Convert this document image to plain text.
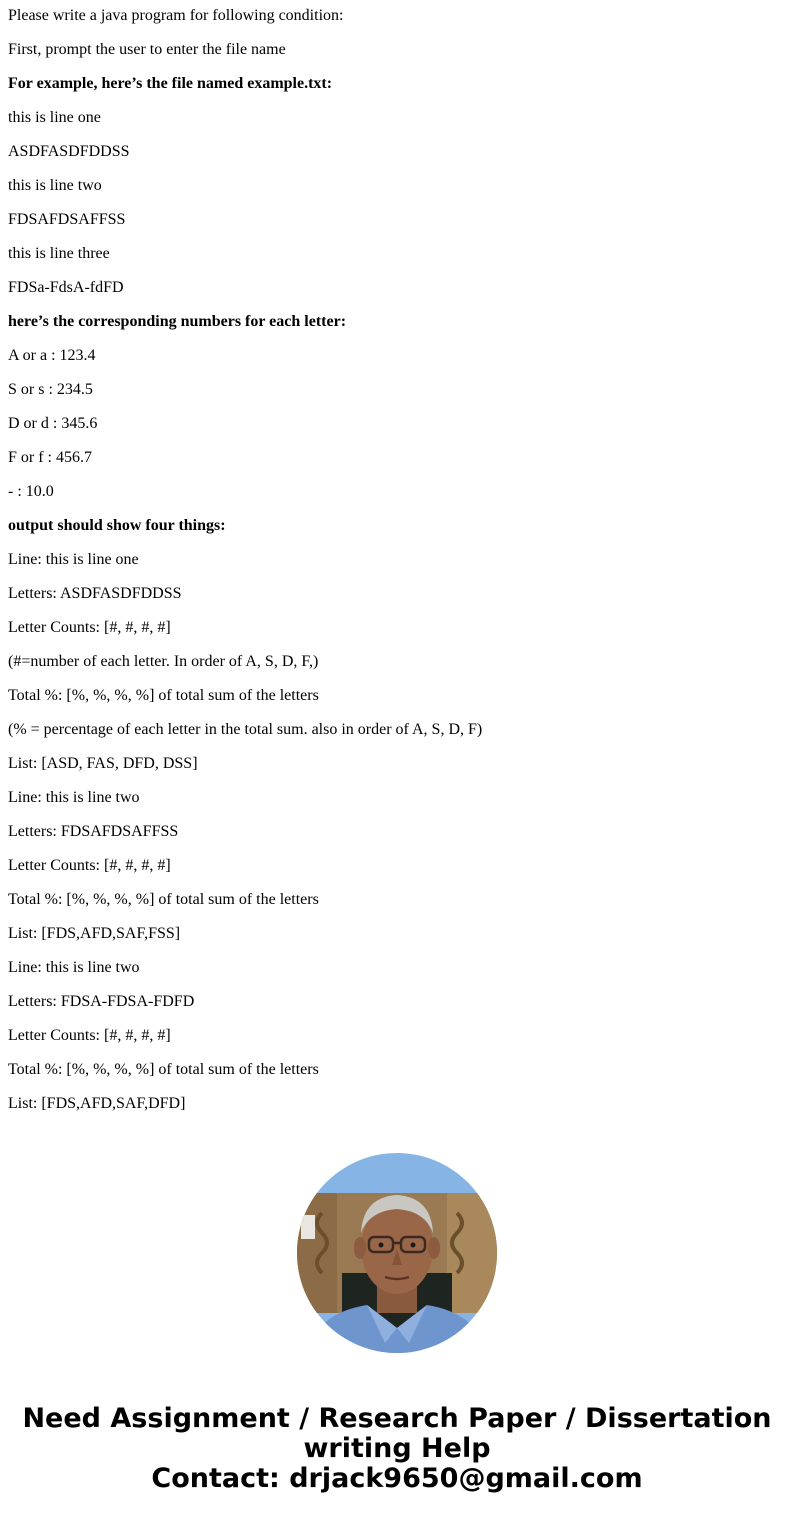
Please write a java program for following condition:

First, prompt the user to enter the file name

For example, here’s the file named example.txt:

this is line one

ASDFASDFDDSS

this is line two

FDSAFDSAFFSS

this is line three

FDSa-FdsA-fdFD

here’s the corresponding numbers for each letter:

A or a : 123.4

S or s : 234.5

D or d : 345.6

F or f : 456.7

- : 10.0

output should show four things:

Line: this is line one

Letters: ASDFASDFDDSS

Letter Counts: [#, #, #, #]

(#=number of each letter. In order of A, S, D, F,)

Total %: [%, %, %, %] of total sum of the letters

(% = percentage of each letter in the total sum. also in order of A, S, D, F)

List: [ASD, FAS, DFD, DSS]

Line: this is line two

Letters: FDSAFDSAFFSS

Letter Counts: [#, #, #, #]

Total %: [%, %, %, %] of total sum of the letters

List: [FDS,AFD,SAF,FSS]

Line: this is line two

Letters: FDSA-FDSA-FDFD

Letter Counts: [#, #, #, #]

Total %: [%, %, %, %] of total sum of the letters

List: [FDS,AFD,SAF,DFD]

Need Assignment / Research Paper / Dissertation
writing Help
Contact: drjack9650@gmail.com
